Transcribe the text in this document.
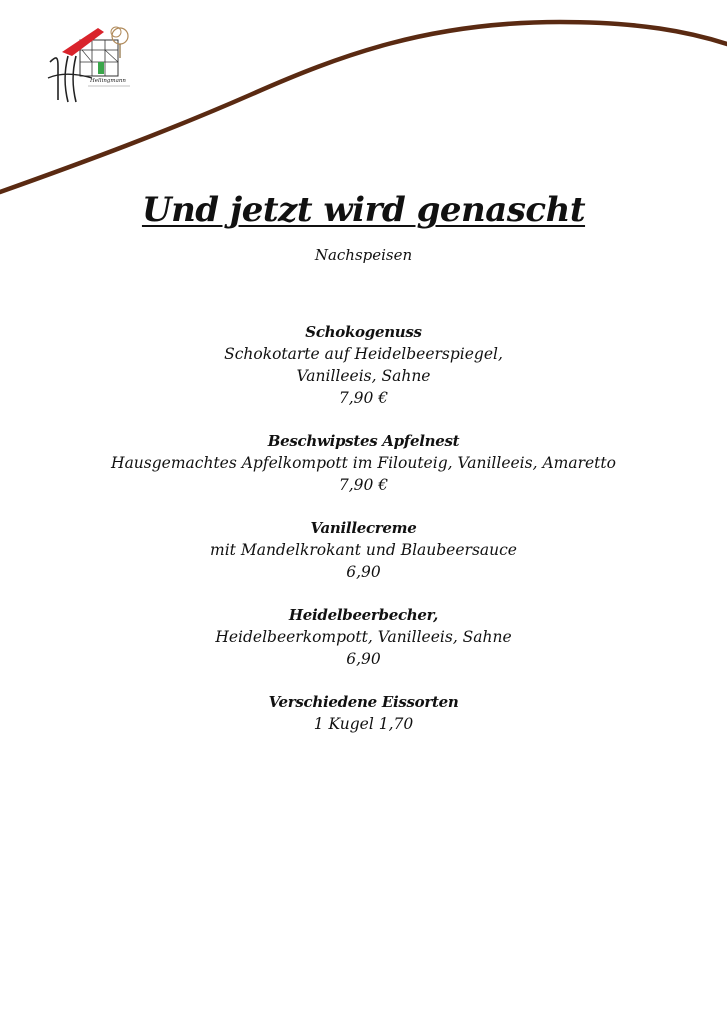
Hellingmann
Und jetzt wird genascht
Nachspeisen
Schokogenuss
Schokotarte auf Heidelbeerspiegel,
Vanilleeis, Sahne
7,90 €
Beschwipstes Apfelnest
Hausgemachtes Apfelkompott im Filouteig, Vanilleeis, Amaretto
7,90 €
Vanillecreme
mit Mandelkrokant und Blaubeersauce
6,90
Heidelbeerbecher,
Heidelbeerkompott, Vanilleeis, Sahne
6,90
Verschiedene Eissorten
1 Kugel 1,70
